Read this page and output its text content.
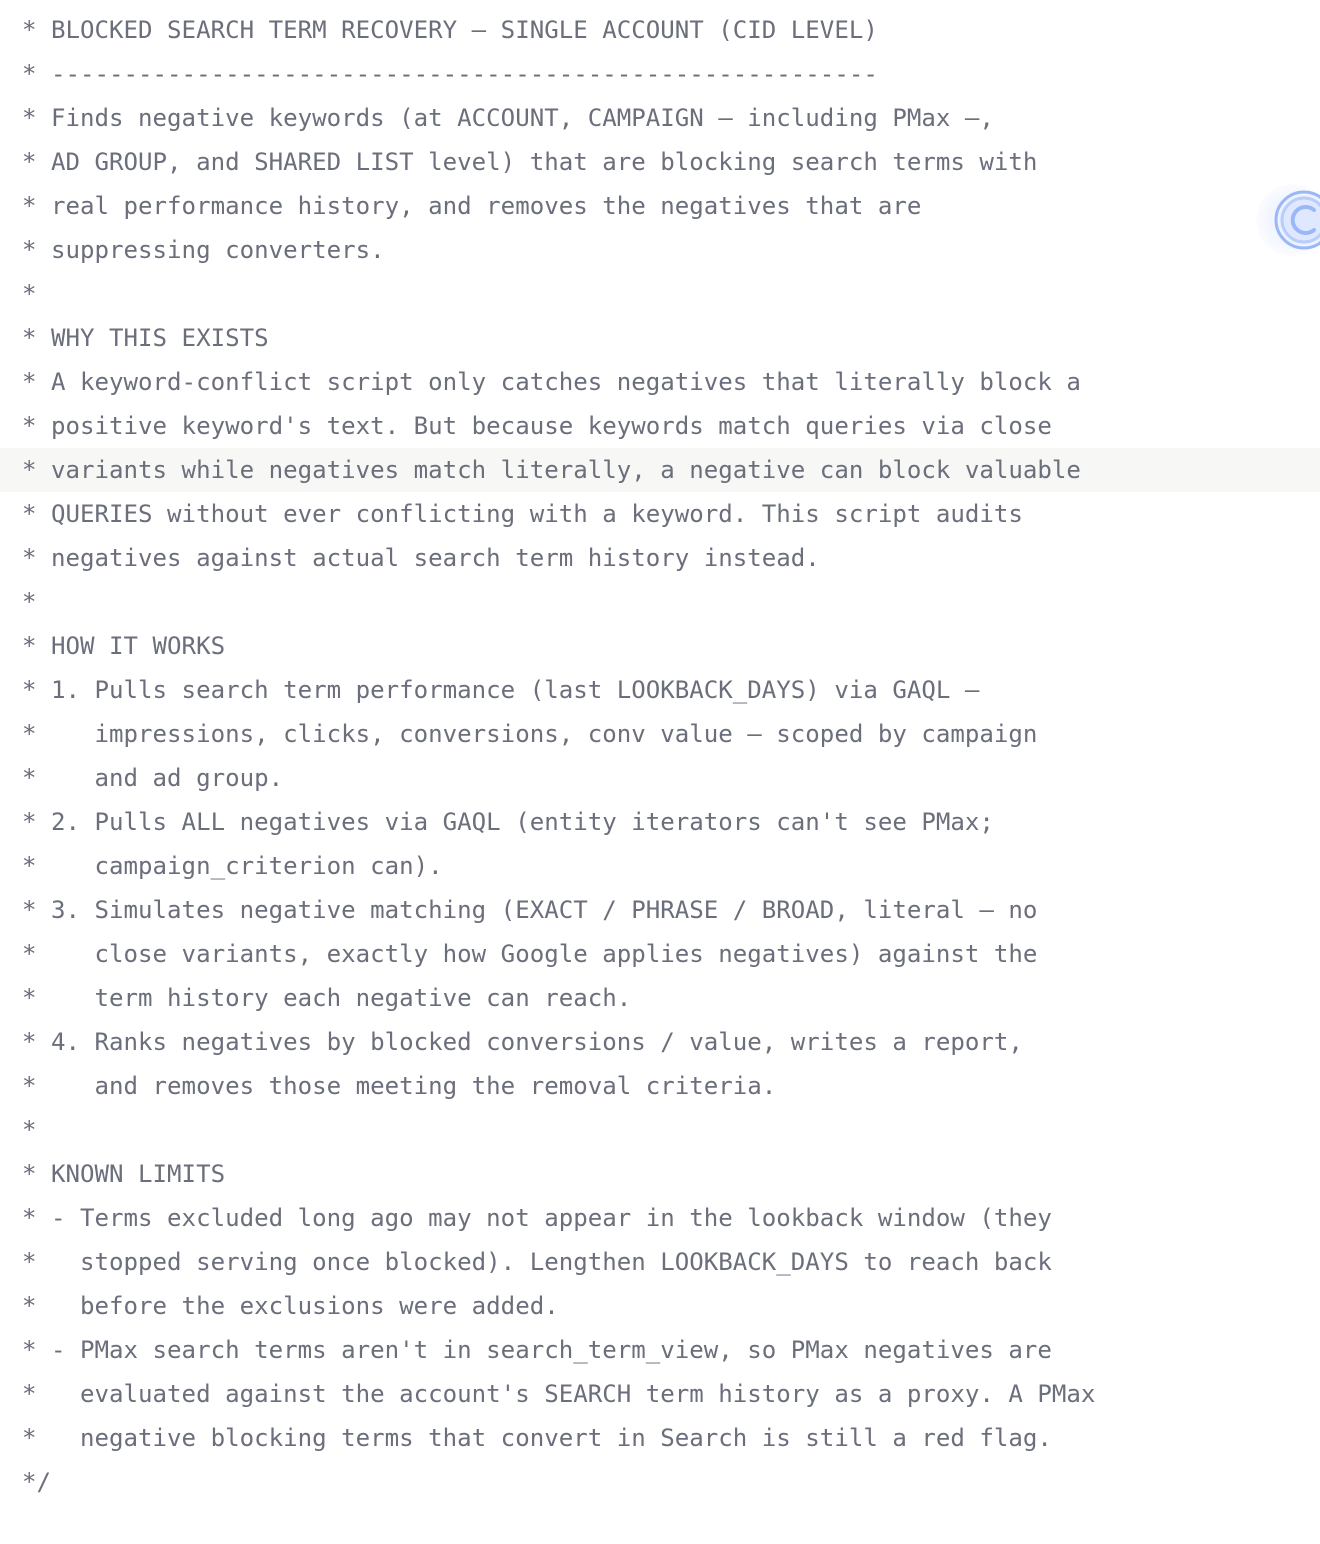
* BLOCKED SEARCH TERM RECOVERY — SINGLE ACCOUNT (CID LEVEL)
* ---------------------------------------------------------
* Finds negative keywords (at ACCOUNT, CAMPAIGN — including PMax —,
* AD GROUP, and SHARED LIST level) that are blocking search terms with
* real performance history, and removes the negatives that are
* suppressing converters.
*
* WHY THIS EXISTS
* A keyword-conflict script only catches negatives that literally block a
* positive keyword's text. But because keywords match queries via close
* variants while negatives match literally, a negative can block valuable
* QUERIES without ever conflicting with a keyword. This script audits
* negatives against actual search term history instead.
*
* HOW IT WORKS
* 1. Pulls search term performance (last LOOKBACK_DAYS) via GAQL —
*    impressions, clicks, conversions, conv value — scoped by campaign
*    and ad group.
* 2. Pulls ALL negatives via GAQL (entity iterators can't see PMax;
*    campaign_criterion can).
* 3. Simulates negative matching (EXACT / PHRASE / BROAD, literal — no
*    close variants, exactly how Google applies negatives) against the
*    term history each negative can reach.
* 4. Ranks negatives by blocked conversions / value, writes a report,
*    and removes those meeting the removal criteria.
*
* KNOWN LIMITS
* - Terms excluded long ago may not appear in the lookback window (they
*   stopped serving once blocked). Lengthen LOOKBACK_DAYS to reach back
*   before the exclusions were added.
* - PMax search terms aren't in search_term_view, so PMax negatives are
*   evaluated against the account's SEARCH term history as a proxy. A PMax
*   negative blocking terms that convert in Search is still a red flag.
*/
